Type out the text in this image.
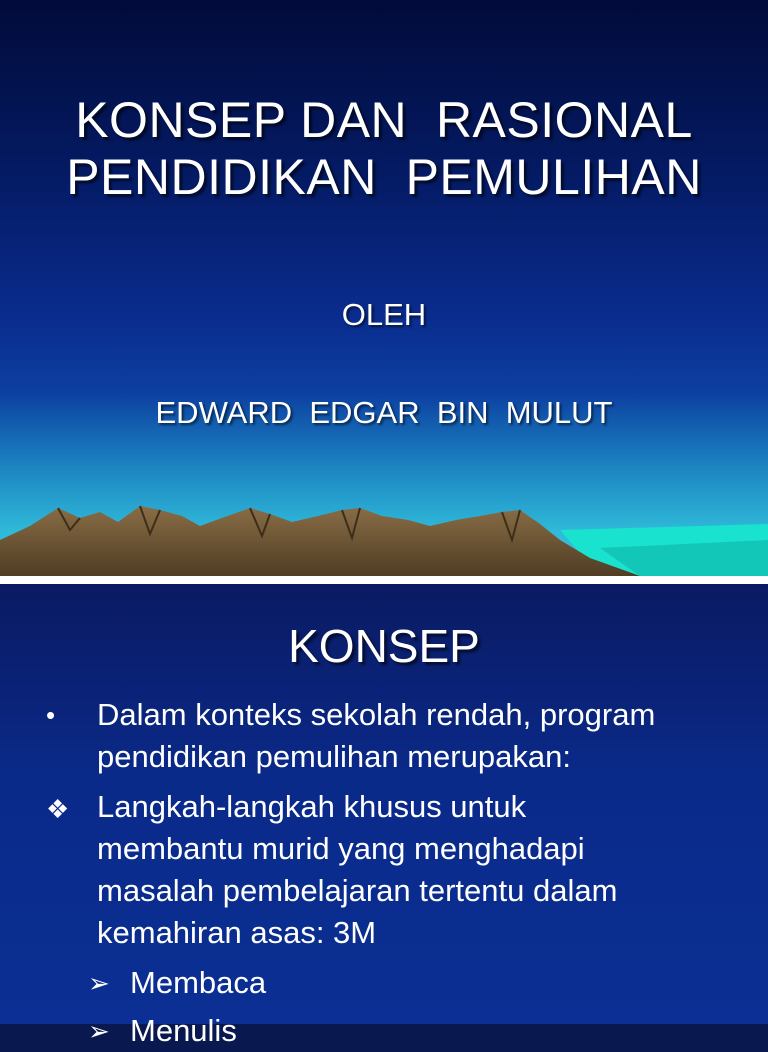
KONSEP DAN  RASIONAL
PENDIDIKAN  PEMULIHAN
OLEH
EDWARD  EDGAR  BIN  MULUT
KONSEP
• Dalam konteks sekolah rendah, program
pendidikan pemulihan merupakan:
❖ Langkah-langkah khusus untuk
membantu murid yang menghadapi
masalah pembelajaran tertentu dalam
kemahiran asas: 3M
➢ Membaca
➢ Menulis
